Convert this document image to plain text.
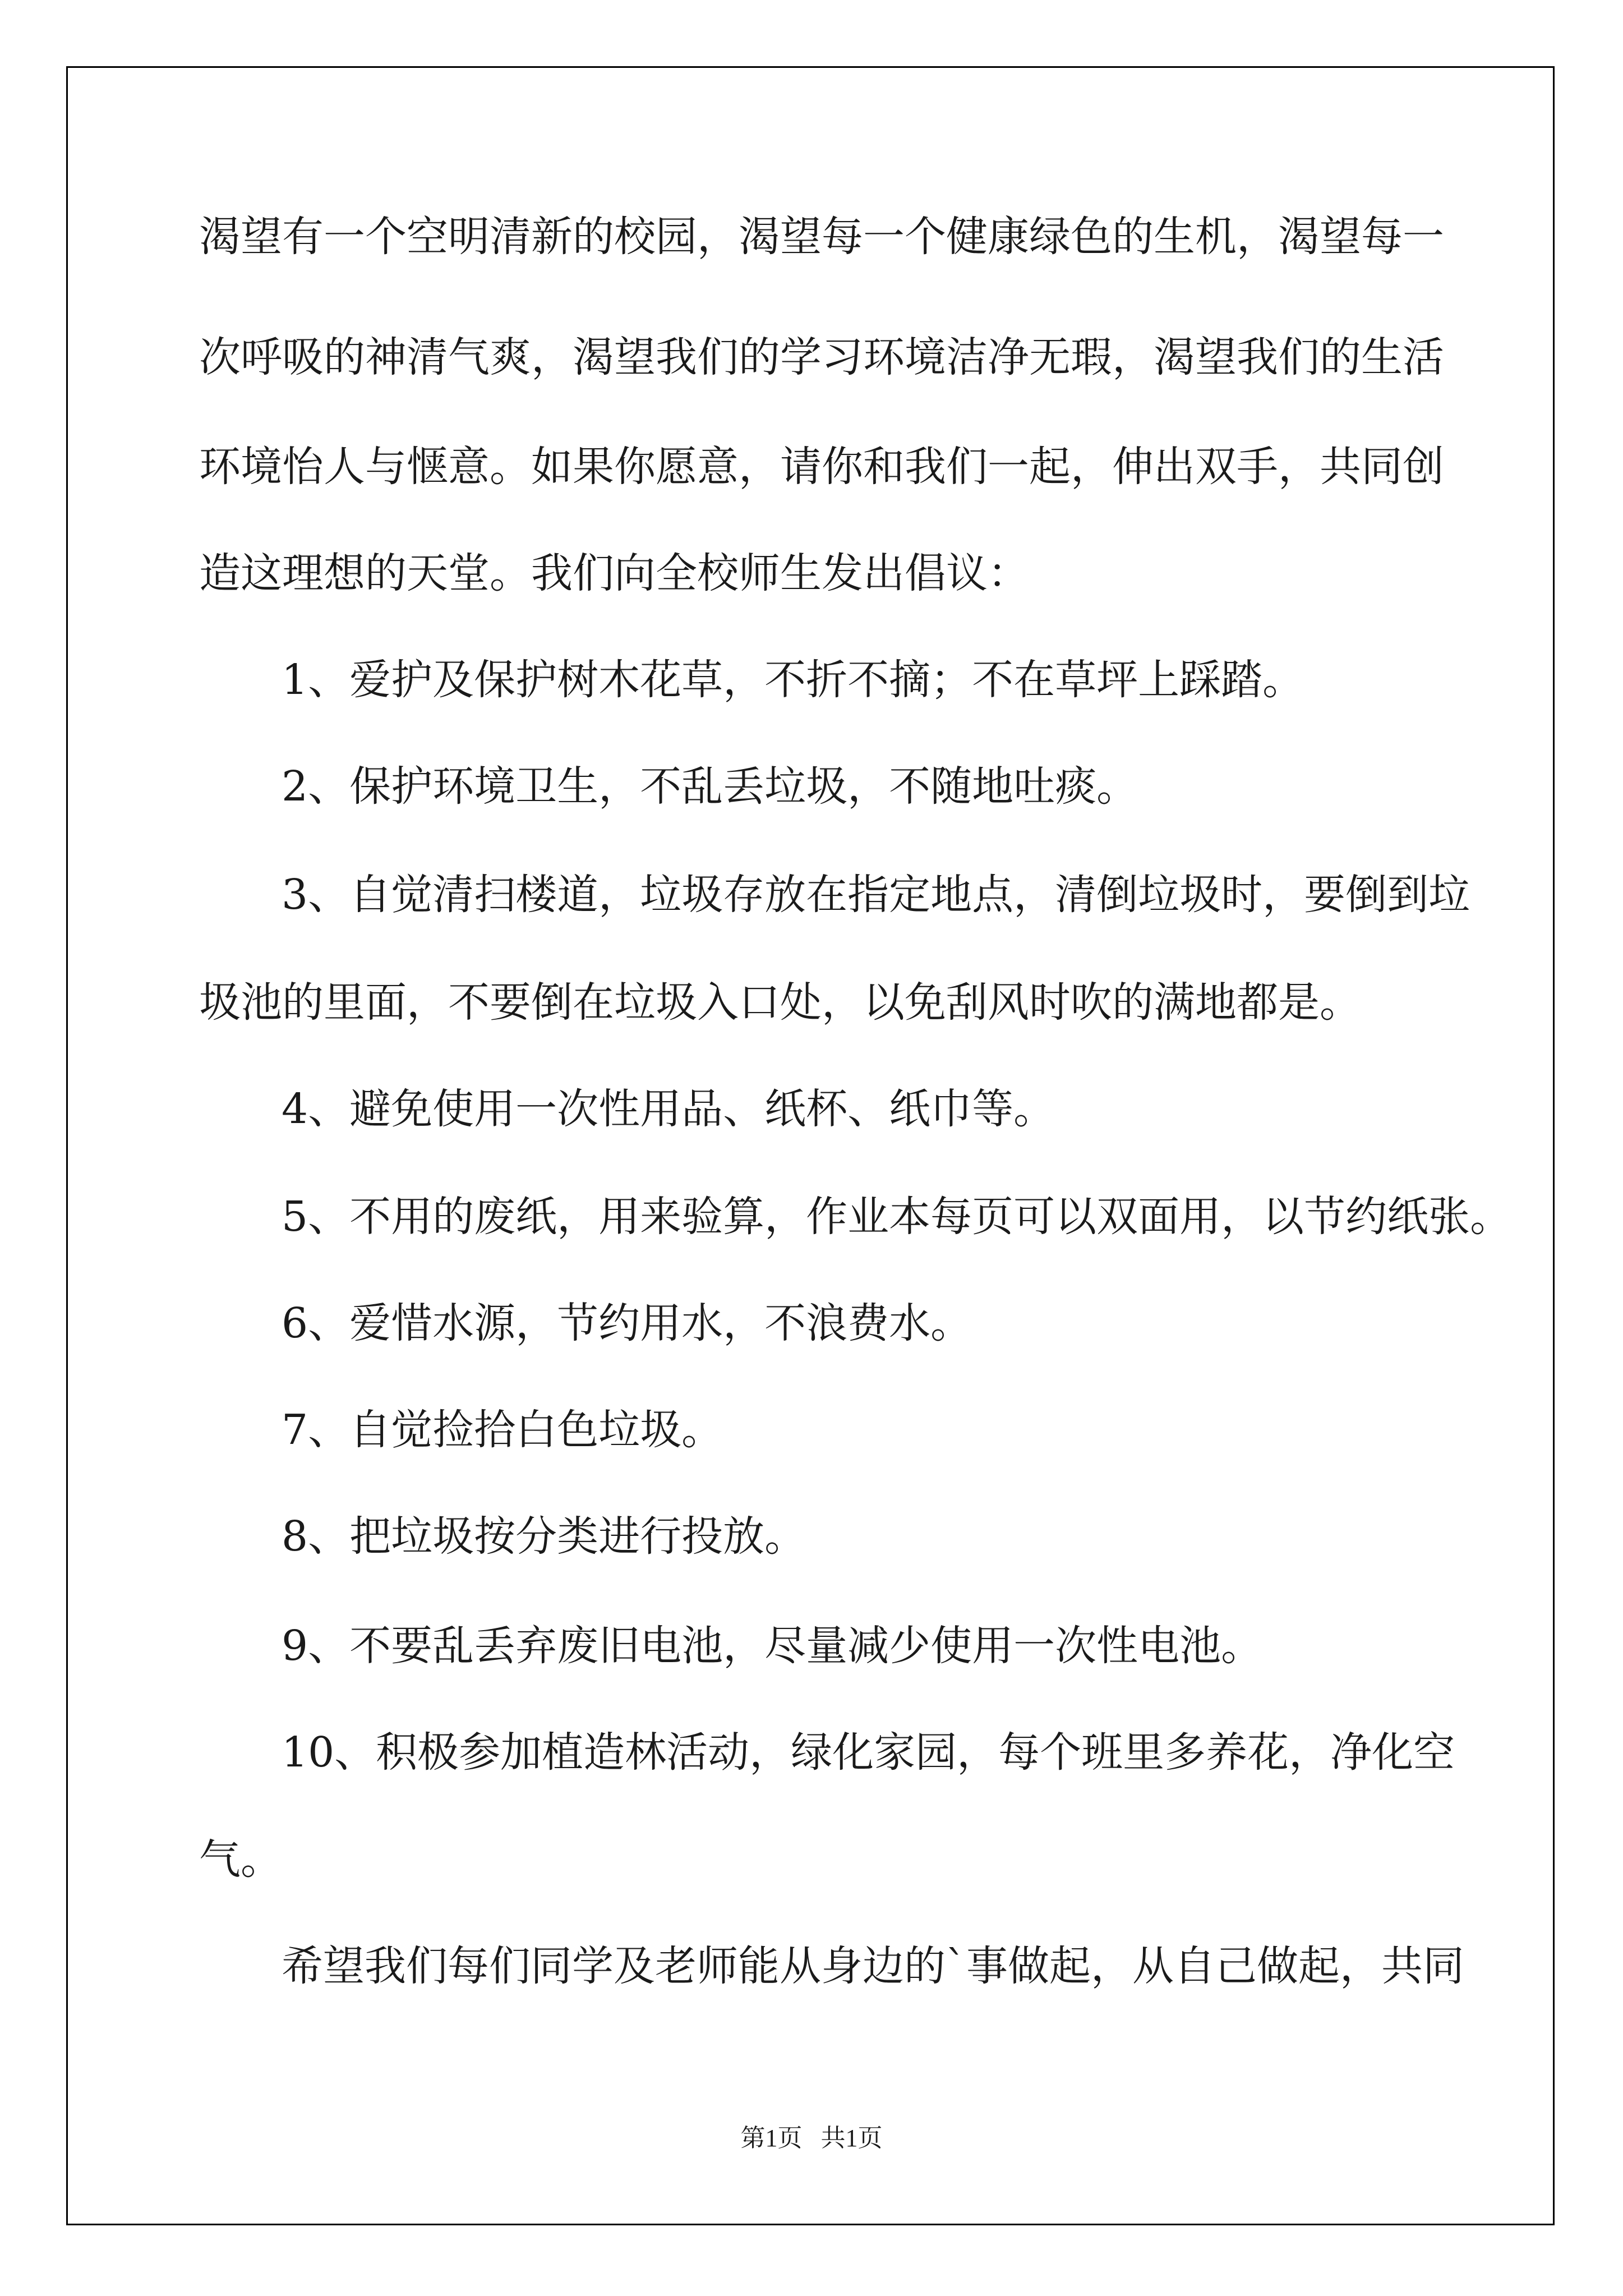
渴望有一个空明清新的校园，渴望每一个健康绿色的生机，渴望每一
次呼吸的神清气爽，渴望我们的学习环境洁净无瑕，渴望我们的生活
环境怡人与惬意。如果你愿意，请你和我们一起，伸出双手，共同创
造这理想的天堂。我们向全校师生发出倡议：
1、爱护及保护树木花草，不折不摘；不在草坪上踩踏。
2、保护环境卫生，不乱丢垃圾，不随地吐痰。
3、自觉清扫楼道，垃圾存放在指定地点，清倒垃圾时，要倒到垃
圾池的里面，不要倒在垃圾入口处，以免刮风时吹的满地都是。
4、避免使用一次性用品、纸杯、纸巾等。
5、不用的废纸，用来验算，作业本每页可以双面用，以节约纸张。
6、爱惜水源，节约用水，不浪费水。
7、自觉捡拾白色垃圾。
8、把垃圾按分类进行投放。
9、不要乱丢弃废旧电池，尽量减少使用一次性电池。
10、积极参加植造林活动，绿化家园，每个班里多养花，净化空
气。
希望我们每们同学及老师能从身边的`事做起，从自己做起，共同
第1页   共1页
